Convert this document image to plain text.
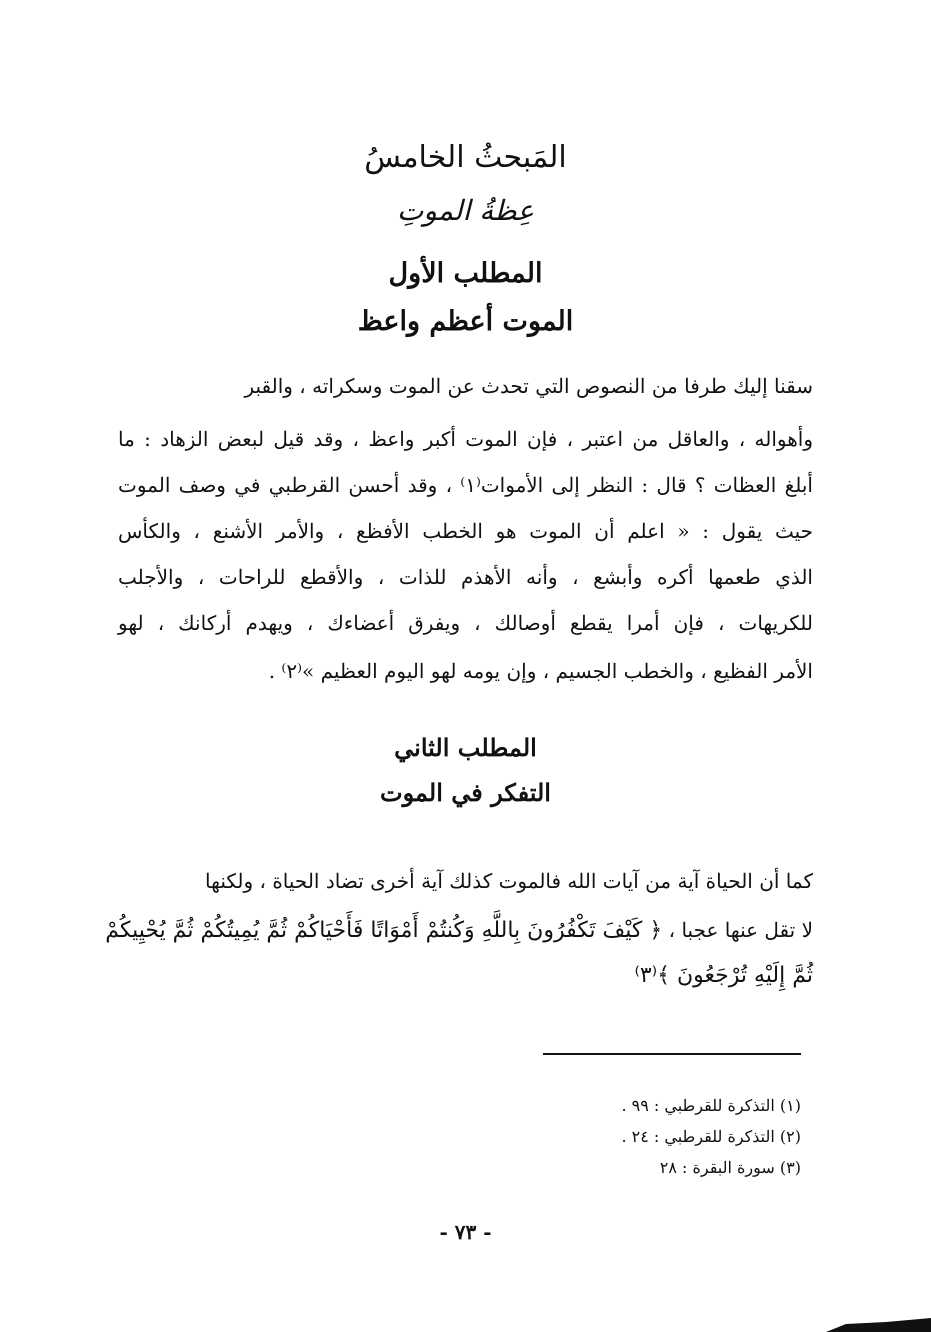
المَبحثُ الخامسُ
عِظةُ الموتِ
المطلب الأول
الموت أعظم واعظ
سقنا إليك طرفا من النصوص التي تحدث عن الموت وسكراته ، والقبر
وأهواله ، والعاقل من اعتبر ، فإن الموت أكبر واعظ ، وقد قيل لبعض الزهاد : ما
أبلغ العظات ؟ قال : النظر إلى الأموات⁽١⁾ ، وقد أحسن القرطبي في وصف الموت
حيث يقول : « اعلم أن الموت هو الخطب الأفظع ، والأمر الأشنع ، والكأس
الذي طعمها أكره وأبشع ، وأنه الأهذم للذات ، والأقطع للراحات ، والأجلب
للكريهات ، فإن أمرا يقطع أوصالك ، ويفرق أعضاءك ، ويهدم أركانك ، لهو
الأمر الفظيع ، والخطب الجسيم ، وإن يومه لهو اليوم العظيم »⁽٢⁾ .
المطلب الثاني
التفكر في الموت
كما أن الحياة آية من آيات الله فالموت كذلك آية أخرى تضاد الحياة ، ولكنها
لا تقل عنها عجبا ، ﴿ كَيْفَ تَكْفُرُونَ بِاللَّهِ وَكُنتُمْ أَمْوَاتًا فَأَحْيَاكُمْ ثُمَّ يُمِيتُكُمْ ثُمَّ يُحْيِيكُمْ
ثُمَّ إِلَيْهِ تُرْجَعُونَ ﴾⁽٣⁾
(١) التذكرة للقرطبي : ٩٩ .
(٢) التذكرة للقرطبي : ٢٤ .
(٣) سورة البقرة : ٢٨
- ٧٣ -
